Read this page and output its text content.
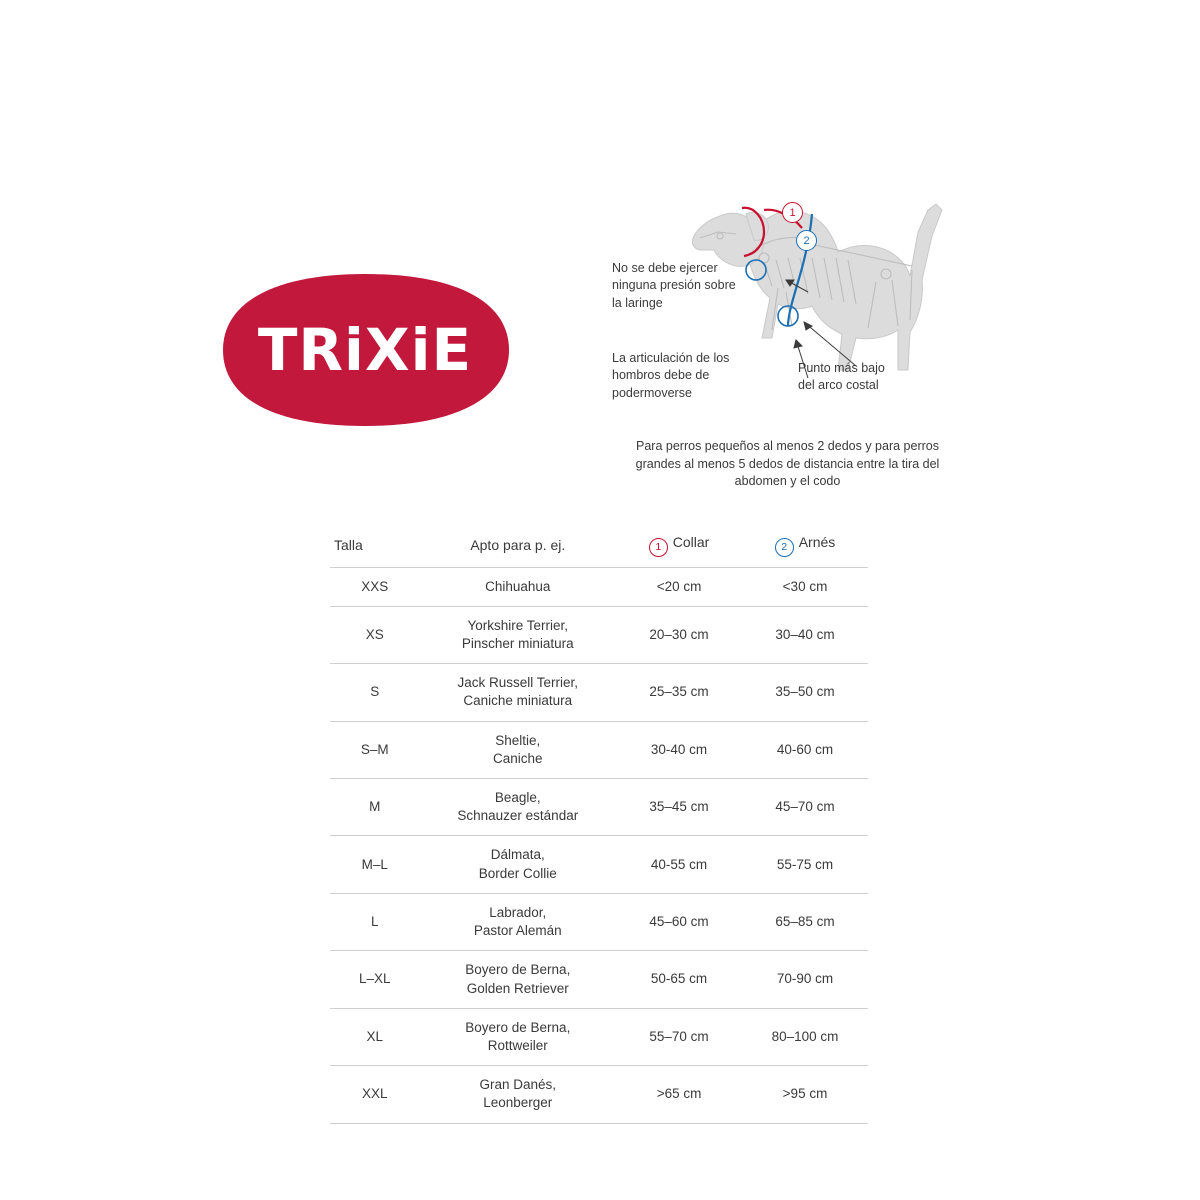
TRiXiE
1
2
No se debe ejercer ninguna presión sobre la laringe
La articulación de los hombros debe de podermoverse
Punto más bajo del arco costal
Para perros pequeños al menos 2 dedos y para perros grandes al menos 5 dedos de distancia entre la tira del abdomen y el codo
Talla	Apto para p. ej.	1 Collar	2 Arnés
XXS	Chihuahua	<20 cm	<30 cm
XS	Yorkshire Terrier,
Pinscher miniatura	20–30 cm	30–40 cm
S	Jack Russell Terrier,
Caniche miniatura	25–35 cm	35–50 cm
S–M	Sheltie,
Caniche	30-40 cm	40-60 cm
M	Beagle,
Schnauzer estándar	35–45 cm	45–70 cm
M–L	Dálmata,
Border Collie	40-55 cm	55-75 cm
L	Labrador,
Pastor Alemán	45–60 cm	65–85 cm
L–XL	Boyero de Berna,
Golden Retriever	50-65 cm	70-90 cm
XL	Boyero de Berna,
Rottweiler	55–70 cm	80–100 cm
XXL	Gran Danés,
Leonberger	>65 cm	>95 cm
